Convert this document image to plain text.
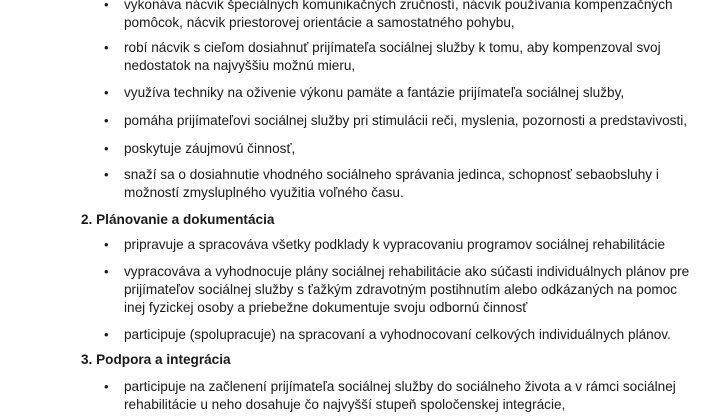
• vykonáva nácvik špeciálnych komunikačných zručností, nácvik používania kompenzačných
pomôcok, nácvik priestorovej orientácie a samostatného pohybu,
• robí nácvik s cieľom dosiahnuť prijímateľa sociálnej služby k tomu, aby kompenzoval svoj
nedostatok na najvyššiu možnú mieru,
• využíva techniky na oživenie výkonu pamäte a fantázie prijímateľa sociálnej služby,
• pomáha prijímateľovi sociálnej služby pri stimulácii reči, myslenia, pozornosti a predstavivosti,
• poskytuje záujmovú činnosť,
• snaží sa o dosiahnutie vhodného sociálneho správania jedinca, schopnosť sebaobsluhy i
možností zmysluplného využitia voľného času.
2. Plánovanie a dokumentácia
• pripravuje a spracováva všetky podklady k vypracovaniu programov sociálnej rehabilitácie
• vypracováva a vyhodnocuje plány sociálnej rehabilitácie ako súčasti individuálnych plánov pre
prijímateľov sociálnej služby s ťažkým zdravotným postihnutím alebo odkázaných na pomoc
inej fyzickej osoby a priebežne dokumentuje svoju odbornú činnosť
• participuje (spolupracuje) na spracovaní a vyhodnocovaní celkových individuálnych plánov.
3. Podpora a integrácia
• participuje na začlenení prijímateľa sociálnej služby do sociálneho života a v rámci sociálnej
rehabilitácie u neho dosahuje čo najvyšší stupeň spoločenskej integrácie,
